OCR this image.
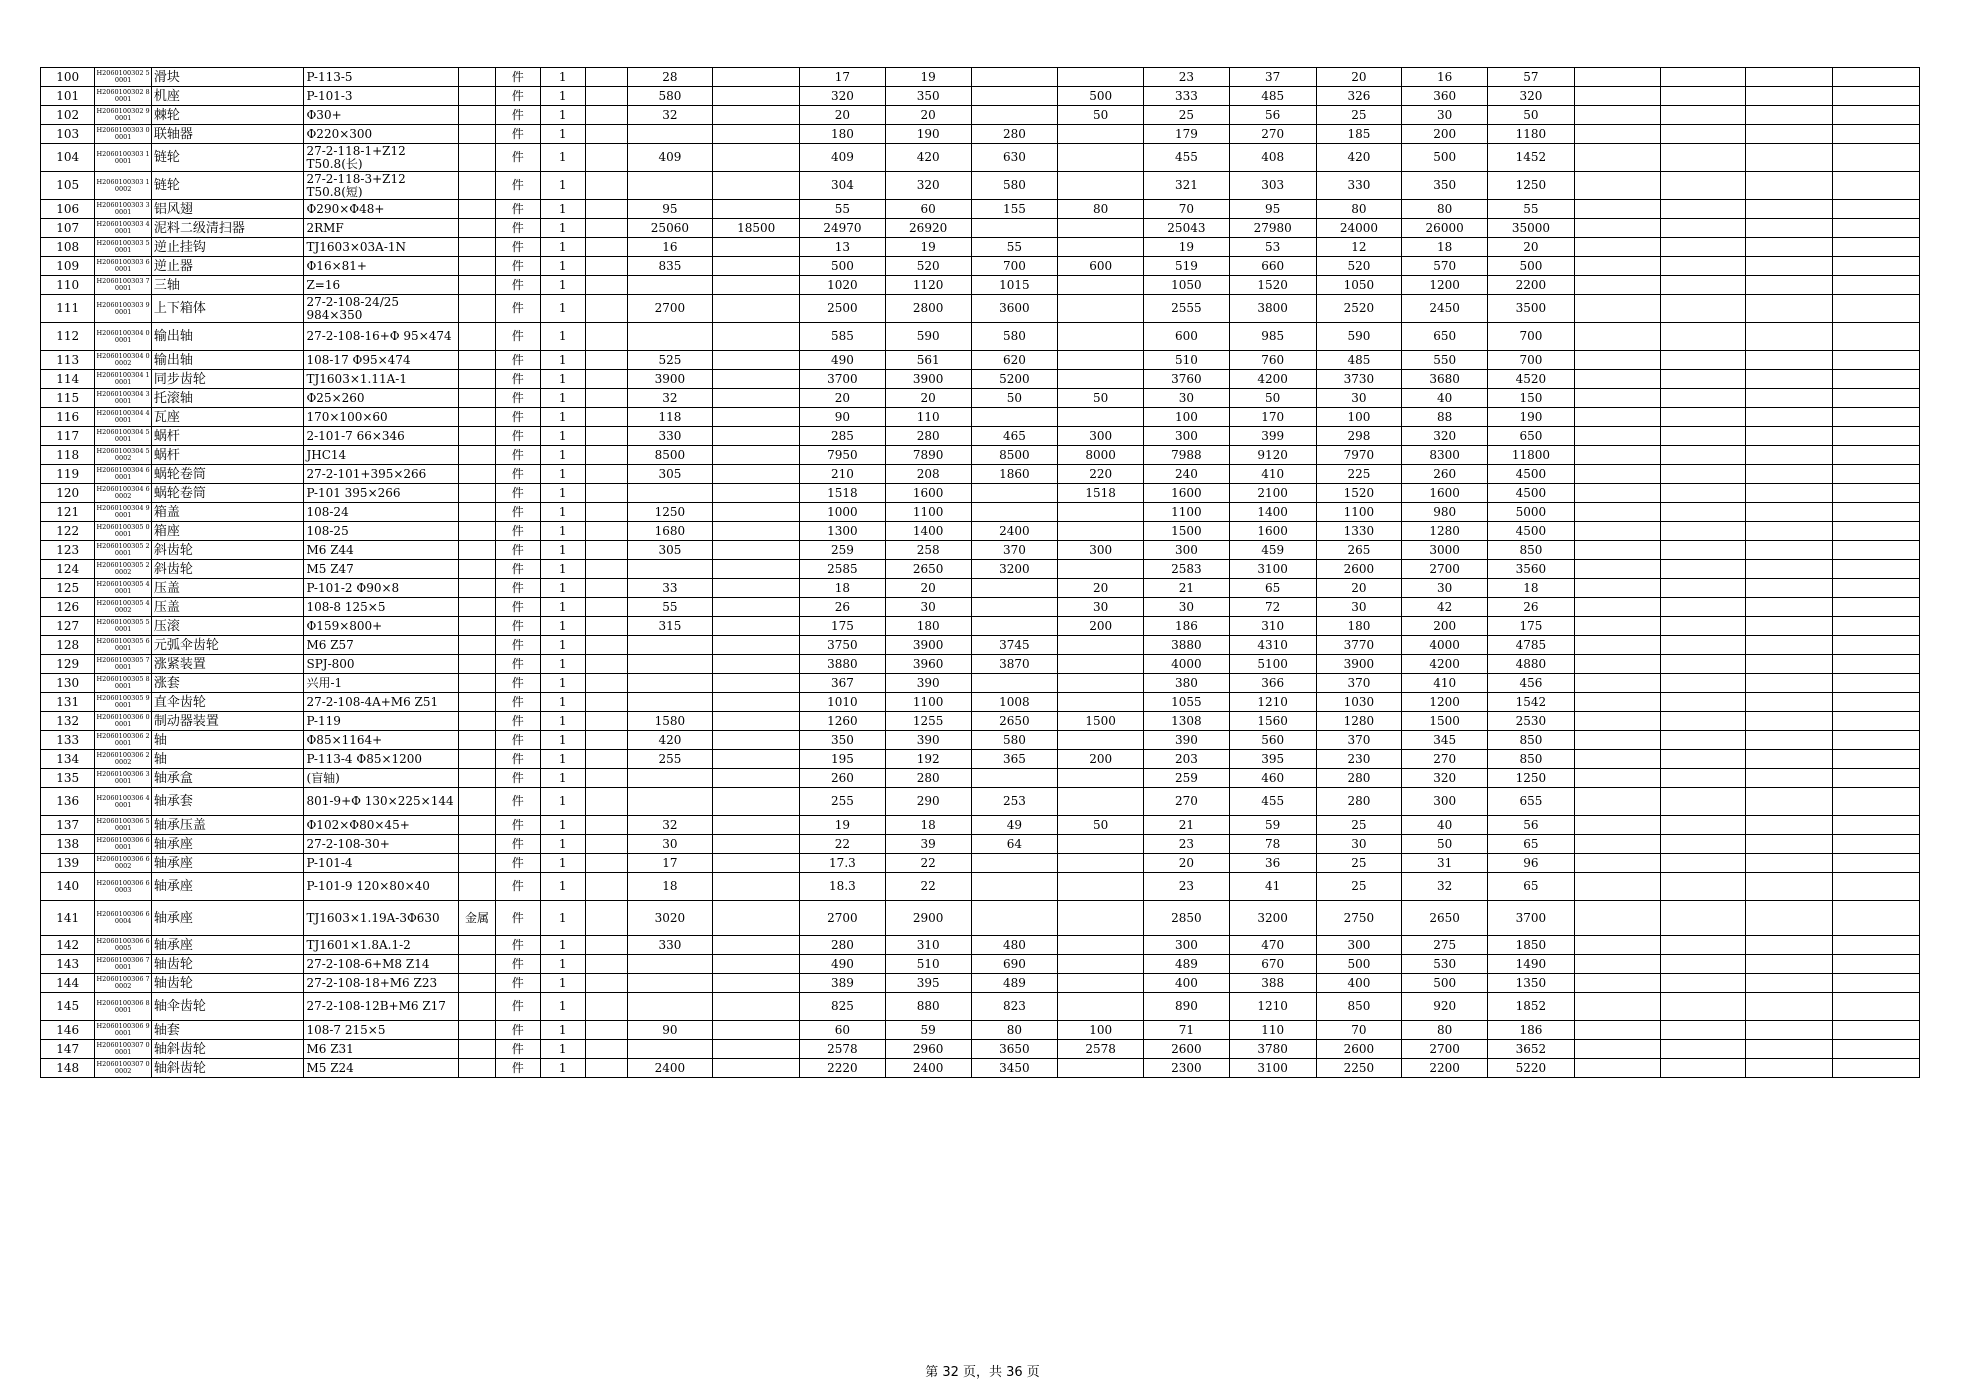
100	H2060100302 50001	滑块	P-113-5		件	1		28		17	19			23	37	20	16	57				
101	H2060100302 80001	机座	P-101-3		件	1		580		320	350		500	333	485	326	360	320				
102	H2060100302 90001	棘轮	Φ30+		件	1		32		20	20		50	25	56	25	30	50				
103	H2060100303 00001	联轴器	Φ220×300		件	1				180	190	280		179	270	185	200	1180				
104	H2060100303 10001	链轮	27-2-118-1+Z12 T50.8(长)		件	1		409		409	420	630		455	408	420	500	1452				
105	H2060100303 10002	链轮	27-2-118-3+Z12 T50.8(短)		件	1				304	320	580		321	303	330	350	1250				
106	H2060100303 30001	铝风翅	Φ290×Φ48+		件	1		95		55	60	155	80	70	95	80	80	55				
107	H2060100303 40001	泥料二级清扫器	2RMF		件	1		25060	18500	24970	26920			25043	27980	24000	26000	35000				
108	H2060100303 50001	逆止挂钩	TJ1603×03A-1N		件	1		16		13	19	55		19	53	12	18	20				
109	H2060100303 60001	逆止器	Φ16×81+		件	1		835		500	520	700	600	519	660	520	570	500				
110	H2060100303 70001	三轴	Z=16		件	1				1020	1120	1015		1050	1520	1050	1200	2200				
111	H2060100303 90001	上下箱体	27-2-108-24/25 984×350		件	1		2700		2500	2800	3600		2555	3800	2520	2450	3500				
112	H2060100304 00001	输出轴	27-2-108-16+Φ 95×474		件	1				585	590	580		600	985	590	650	700				
113	H2060100304 00002	输出轴	108-17 Φ95×474		件	1		525		490	561	620		510	760	485	550	700				
114	H2060100304 10001	同步齿轮	TJ1603×1.11A-1		件	1		3900		3700	3900	5200		3760	4200	3730	3680	4520				
115	H2060100304 30001	托滚轴	Φ25×260		件	1		32		20	20	50	50	30	50	30	40	150				
116	H2060100304 40001	瓦座	170×100×60		件	1		118		90	110			100	170	100	88	190				
117	H2060100304 50001	蜗杆	2-101-7 66×346		件	1		330		285	280	465	300	300	399	298	320	650				
118	H2060100304 50002	蜗杆	JHC14		件	1		8500		7950	7890	8500	8000	7988	9120	7970	8300	11800				
119	H2060100304 60001	蜗轮卷筒	27-2-101+395×266		件	1		305		210	208	1860	220	240	410	225	260	4500				
120	H2060100304 60002	蜗轮卷筒	P-101 395×266		件	1				1518	1600		1518	1600	2100	1520	1600	4500				
121	H2060100304 90001	箱盖	108-24		件	1		1250		1000	1100			1100	1400	1100	980	5000				
122	H2060100305 00001	箱座	108-25		件	1		1680		1300	1400	2400		1500	1600	1330	1280	4500				
123	H2060100305 20001	斜齿轮	M6 Z44		件	1		305		259	258	370	300	300	459	265	3000	850				
124	H2060100305 20002	斜齿轮	M5 Z47		件	1				2585	2650	3200		2583	3100	2600	2700	3560				
125	H2060100305 40001	压盖	P-101-2 Φ90×8		件	1		33		18	20		20	21	65	20	30	18				
126	H2060100305 40002	压盖	108-8 125×5		件	1		55		26	30		30	30	72	30	42	26				
127	H2060100305 50001	压滚	Φ159×800+		件	1		315		175	180		200	186	310	180	200	175				
128	H2060100305 60001	元弧伞齿轮	M6 Z57		件	1				3750	3900	3745		3880	4310	3770	4000	4785				
129	H2060100305 70001	涨紧装置	SPJ-800		件	1				3880	3960	3870		4000	5100	3900	4200	4880				
130	H2060100305 80001	涨套	兴用-1		件	1				367	390			380	366	370	410	456				
131	H2060100305 90001	直伞齿轮	27-2-108-4A+M6 Z51		件	1				1010	1100	1008		1055	1210	1030	1200	1542				
132	H2060100306 00001	制动器装置	P-119		件	1		1580		1260	1255	2650	1500	1308	1560	1280	1500	2530				
133	H2060100306 20001	轴	Φ85×1164+		件	1		420		350	390	580		390	560	370	345	850				
134	H2060100306 20002	轴	P-113-4 Φ85×1200		件	1		255		195	192	365	200	203	395	230	270	850				
135	H2060100306 30001	轴承盒	(盲轴)		件	1				260	280			259	460	280	320	1250				
136	H2060100306 40001	轴承套	801-9+Φ 130×225×144		件	1				255	290	253		270	455	280	300	655				
137	H2060100306 50001	轴承压盖	Φ102×Φ80×45+		件	1		32		19	18	49	50	21	59	25	40	56				
138	H2060100306 60001	轴承座	27-2-108-30+		件	1		30		22	39	64		23	78	30	50	65				
139	H2060100306 60002	轴承座	P-101-4		件	1		17		17.3	22			20	36	25	31	96				
140	H2060100306 60003	轴承座	P-101-9 120×80×40		件	1		18		18.3	22			23	41	25	32	65				
141	H2060100306 60004	轴承座	TJ1603×1.19A-3Φ630	金属	件	1		3020		2700	2900			2850	3200	2750	2650	3700				
142	H2060100306 60005	轴承座	TJ1601×1.8A.1-2		件	1		330		280	310	480		300	470	300	275	1850				
143	H2060100306 70001	轴齿轮	27-2-108-6+M8 Z14		件	1				490	510	690		489	670	500	530	1490				
144	H2060100306 70002	轴齿轮	27-2-108-18+M6 Z23		件	1				389	395	489		400	388	400	500	1350				
145	H2060100306 80001	轴伞齿轮	27-2-108-12B+M6 Z17		件	1				825	880	823		890	1210	850	920	1852				
146	H2060100306 90001	轴套	108-7 215×5		件	1		90		60	59	80	100	71	110	70	80	186				
147	H2060100307 00001	轴斜齿轮	M6 Z31		件	1				2578	2960	3650	2578	2600	3780	2600	2700	3652				
148	H2060100307 00002	轴斜齿轮	M5 Z24		件	1		2400		2220	2400	3450		2300	3100	2250	2200	5220				
第 32 页，共 36 页
